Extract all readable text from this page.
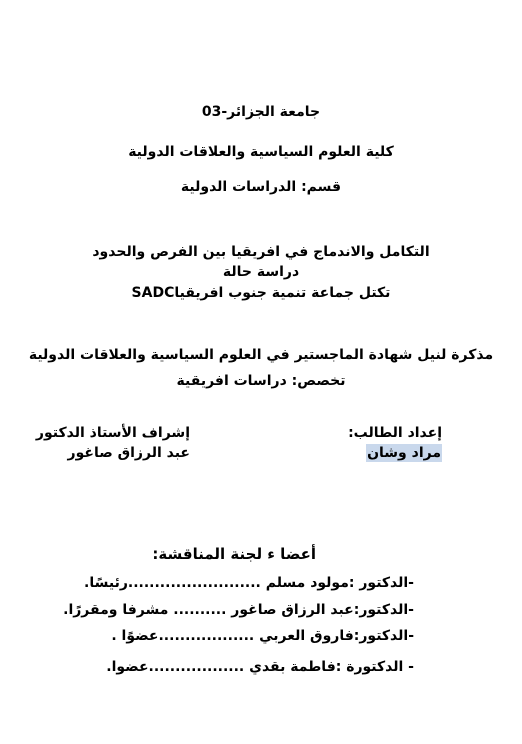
جامعة الجزائر-03
كلية العلوم السياسية والعلاقات الدولية
قسم: الدراسات الدولية
التكامل والاندماج في افريقيا بين الفرص والحدود
دراسة حالة
تكتل جماعة تنمية جنوب افريقياSADC
مذكرة لنيل شهادة الماجستير في العلوم السياسية والعلاقات الدولية
تخصص: دراسات افريقية
إعداد الطالب:
مراد وشان
إشراف الأستاذ الدكتور
عبد الرزاق صاغور
أعضا ء لجنة المناقشة:
-الدكتور :مولود مسلم .........................رئيسًا.
-الدكتور:عبد الرزاق صاغور .......... مشرفا ومقررًا.
-الدكتور:فاروق العربي ..................عضوًا .
- الدكتورة :فاطمة بقدي ..................عضوا.
